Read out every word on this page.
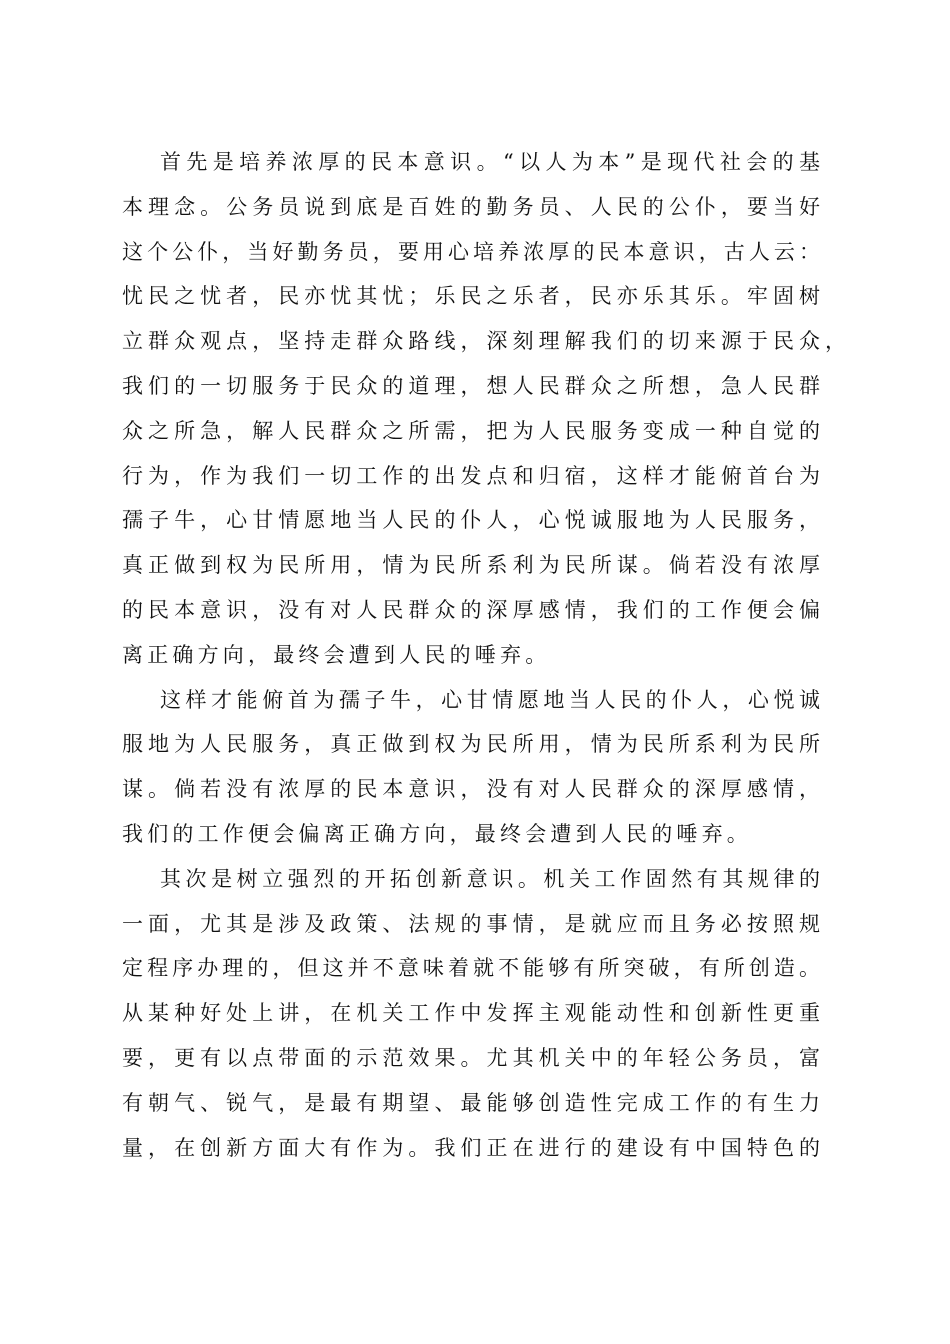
首先是培养浓厚的民本意识。“以人为本”是现代社会的基
本理念。公务员说到底是百姓的勤务员、人民的公仆，要当好
这个公仆，当好勤务员，要用心培养浓厚的民本意识，古人云：
忧民之忧者，民亦忧其忧；乐民之乐者，民亦乐其乐。牢固树
立群众观点，坚持走群众路线，深刻理解我们的切来源于民众 ，
我们的一切服务于民众的道理，想人民群众之所想，急人民群
众之所急，解人民群众之所需，把为人民服务变成一种自觉的
行为，作为我们一切工作的出发点和归宿，这样才能俯首台为
孺子牛，心甘情愿地当人民的仆人，心悦诚服地为人民服务，
真正做到权为民所用，情为民所系利为民所谋。倘若没有浓厚
的民本意识，没有对人民群众的深厚感情，我们的工作便会偏
离正确方向，最终会遭到人民的唾弃。
这样才能俯首为孺子牛，心甘情愿地当人民的仆人，心悦诚
服地为人民服务，真正做到权为民所用，情为民所系利为民所
谋。倘若没有浓厚的民本意识，没有对人民群众的深厚感情，
我们的工作便会偏离正确方向，最终会遭到人民的唾弃。
其次是树立强烈的开拓创新意识。机关工作固然有其规律的
一面，尤其是涉及政策、法规的事情，是就应而且务必按照规
定程序办理的，但这并不意味着就不能够有所突破，有所创造。
从某种好处上讲，在机关工作中发挥主观能动性和创新性更重
要，更有以点带面的示范效果。尤其机关中的年轻公务员，富
有朝气、锐气，是最有期望、最能够创造性完成工作的有生力
量，在创新方面大有作为。我们正在进行的建设有中国特色的
